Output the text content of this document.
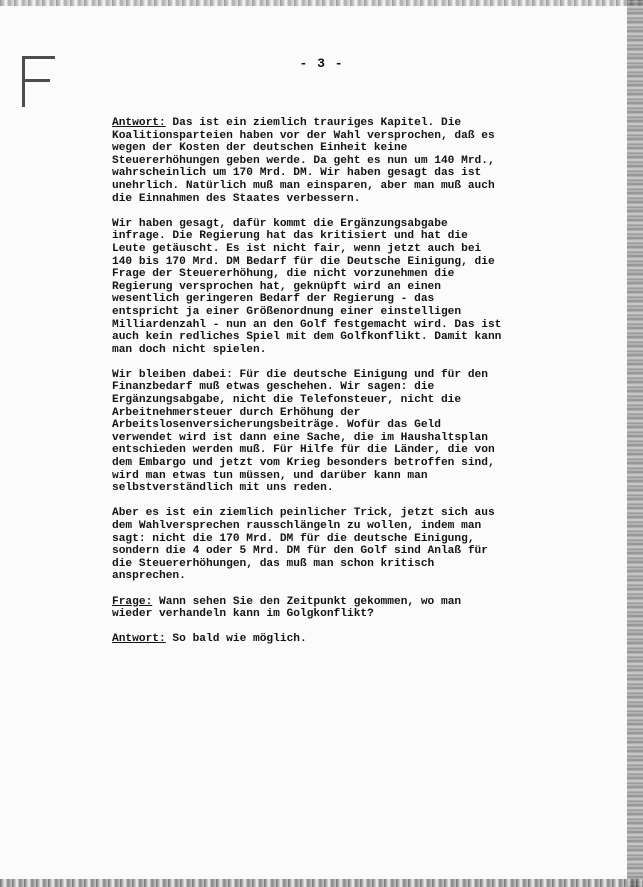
- 3 -
Antwort: Das ist ein ziemlich trauriges Kapitel. Die
Koalitionsparteien haben vor der Wahl versprochen, daß es
wegen der Kosten der deutschen Einheit keine
Steuererhöhungen geben werde. Da geht es nun um 140 Mrd.,
wahrscheinlich um 170 Mrd. DM. Wir haben gesagt das ist
unehrlich. Natürlich muß man einsparen, aber man muß auch
die Einnahmen des Staates verbessern.
Wir haben gesagt, dafür kommt die Ergänzungsabgabe
infrage. Die Regierung hat das kritisiert und hat die
Leute getäuscht. Es ist nicht fair, wenn jetzt auch bei
140 bis 170 Mrd. DM Bedarf für die Deutsche Einigung, die
Frage der Steuererhöhung, die nicht vorzunehmen die
Regierung versprochen hat, geknüpft wird an einen
wesentlich geringeren Bedarf der Regierung - das
entspricht ja einer Größenordnung einer einstelligen
Milliardenzahl - nun an den Golf festgemacht wird. Das ist
auch kein redliches Spiel mit dem Golfkonflikt. Damit kann
man doch nicht spielen.
Wir bleiben dabei: Für die deutsche Einigung und für den
Finanzbedarf muß etwas geschehen. Wir sagen: die
Ergänzungsabgabe, nicht die Telefonsteuer, nicht die
Arbeitnehmersteuer durch Erhöhung der
Arbeitslosenversicherungsbeiträge. Wofür das Geld
verwendet wird ist dann eine Sache, die im Haushaltsplan
entschieden werden muß. Für Hilfe für die Länder, die von
dem Embargo und jetzt vom Krieg besonders betroffen sind,
wird man etwas tun müssen, und darüber kann man
selbstverständlich mit uns reden.
Aber es ist ein ziemlich peinlicher Trick, jetzt sich aus
dem Wahlversprechen rausschlängeln zu wollen, indem man
sagt: nicht die 170 Mrd. DM für die deutsche Einigung,
sondern die 4 oder 5 Mrd. DM für den Golf sind Anlaß für
die Steuererhöhungen, das muß man schon kritisch
ansprechen.
Frage: Wann sehen Sie den Zeitpunkt gekommen, wo man
wieder verhandeln kann im Golgkonflikt?
Antwort: So bald wie möglich.
